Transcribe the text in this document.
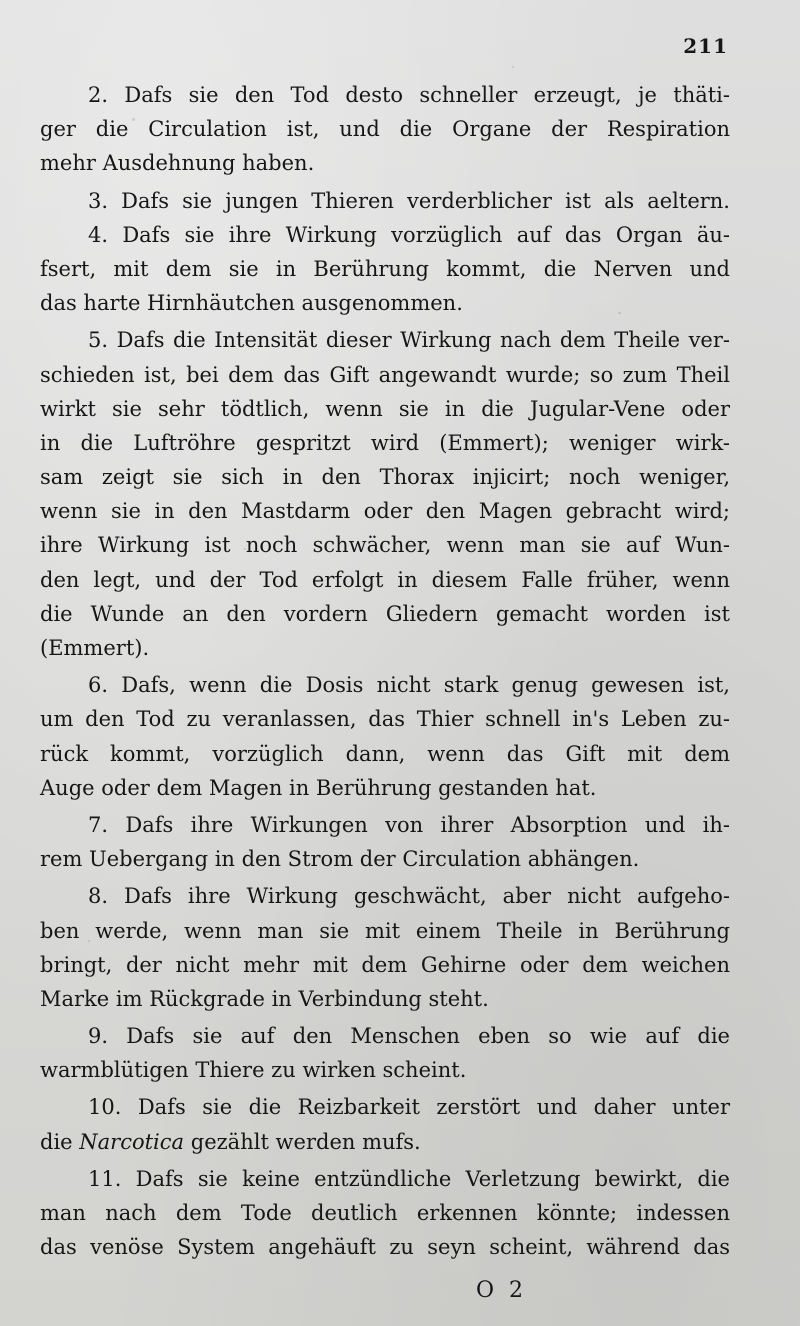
211
2. Dafs sie den Tod desto schneller erzeugt, je thäti-
ger die Circulation ist, und die Organe der Respiration
mehr Ausdehnung haben.
3. Dafs sie jungen Thieren verderblicher ist als aeltern.
4. Dafs sie ihre Wirkung vorzüglich auf das Organ äu-
fsert, mit dem sie in Berührung kommt, die Nerven und
das harte Hirnhäutchen ausgenommen.
5. Dafs die Intensität dieser Wirkung nach dem Theile ver-
schieden ist, bei dem das Gift angewandt wurde; so zum Theil
wirkt sie sehr tödtlich, wenn sie in die Jugular-Vene oder
in die Luftröhre gespritzt wird (Emmert); weniger wirk-
sam zeigt sie sich in den Thorax injicirt; noch weniger,
wenn sie in den Mastdarm oder den Magen gebracht wird;
ihre Wirkung ist noch schwächer, wenn man sie auf Wun-
den legt, und der Tod erfolgt in diesem Falle früher, wenn
die Wunde an den vordern Gliedern gemacht worden ist
(Emmert).
6. Dafs, wenn die Dosis nicht stark genug gewesen ist,
um den Tod zu veranlassen, das Thier schnell in's Leben zu-
rück kommt, vorzüglich dann, wenn das Gift mit dem
Auge oder dem Magen in Berührung gestanden hat.
7. Dafs ihre Wirkungen von ihrer Absorption und ih-
rem Uebergang in den Strom der Circulation abhängen.
8. Dafs ihre Wirkung geschwächt, aber nicht aufgeho-
ben werde, wenn man sie mit einem Theile in Berührung
bringt, der nicht mehr mit dem Gehirne oder dem weichen
Marke im Rückgrade in Verbindung steht.
9. Dafs sie auf den Menschen eben so wie auf die
warmblütigen Thiere zu wirken scheint.
10. Dafs sie die Reizbarkeit zerstört und daher unter
die Narcotica gezählt werden mufs.
11. Dafs sie keine entzündliche Verletzung bewirkt, die
man nach dem Tode deutlich erkennen könnte; indessen
das venöse System angehäuft zu seyn scheint, während das
O 2
